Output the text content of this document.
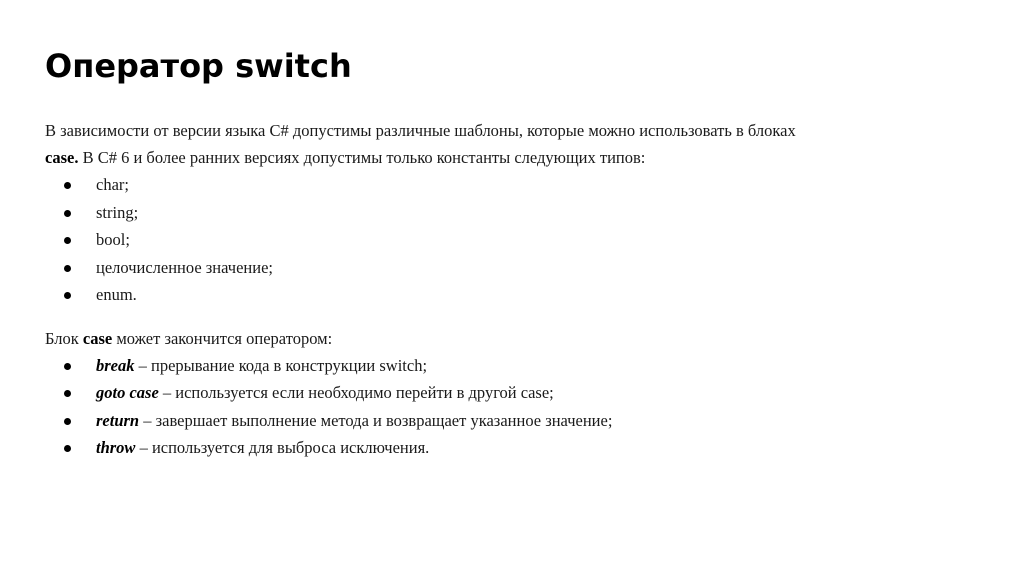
Оператор switch

В зависимости от версии языка C# допустимы различные шаблоны, которые можно использовать в блоках
case. В C# 6 и более ранних версиях допустимы только константы следующих типов:

char;
string;
bool;
целочисленное значение;
enum.

Блок case может закончится оператором:

break – прерывание кода в конструкции switch;
goto case – используется если необходимо перейти в другой case;
return – завершает выполнение метода и возвращает указанное значение;
throw – используется для выброса исключения.
